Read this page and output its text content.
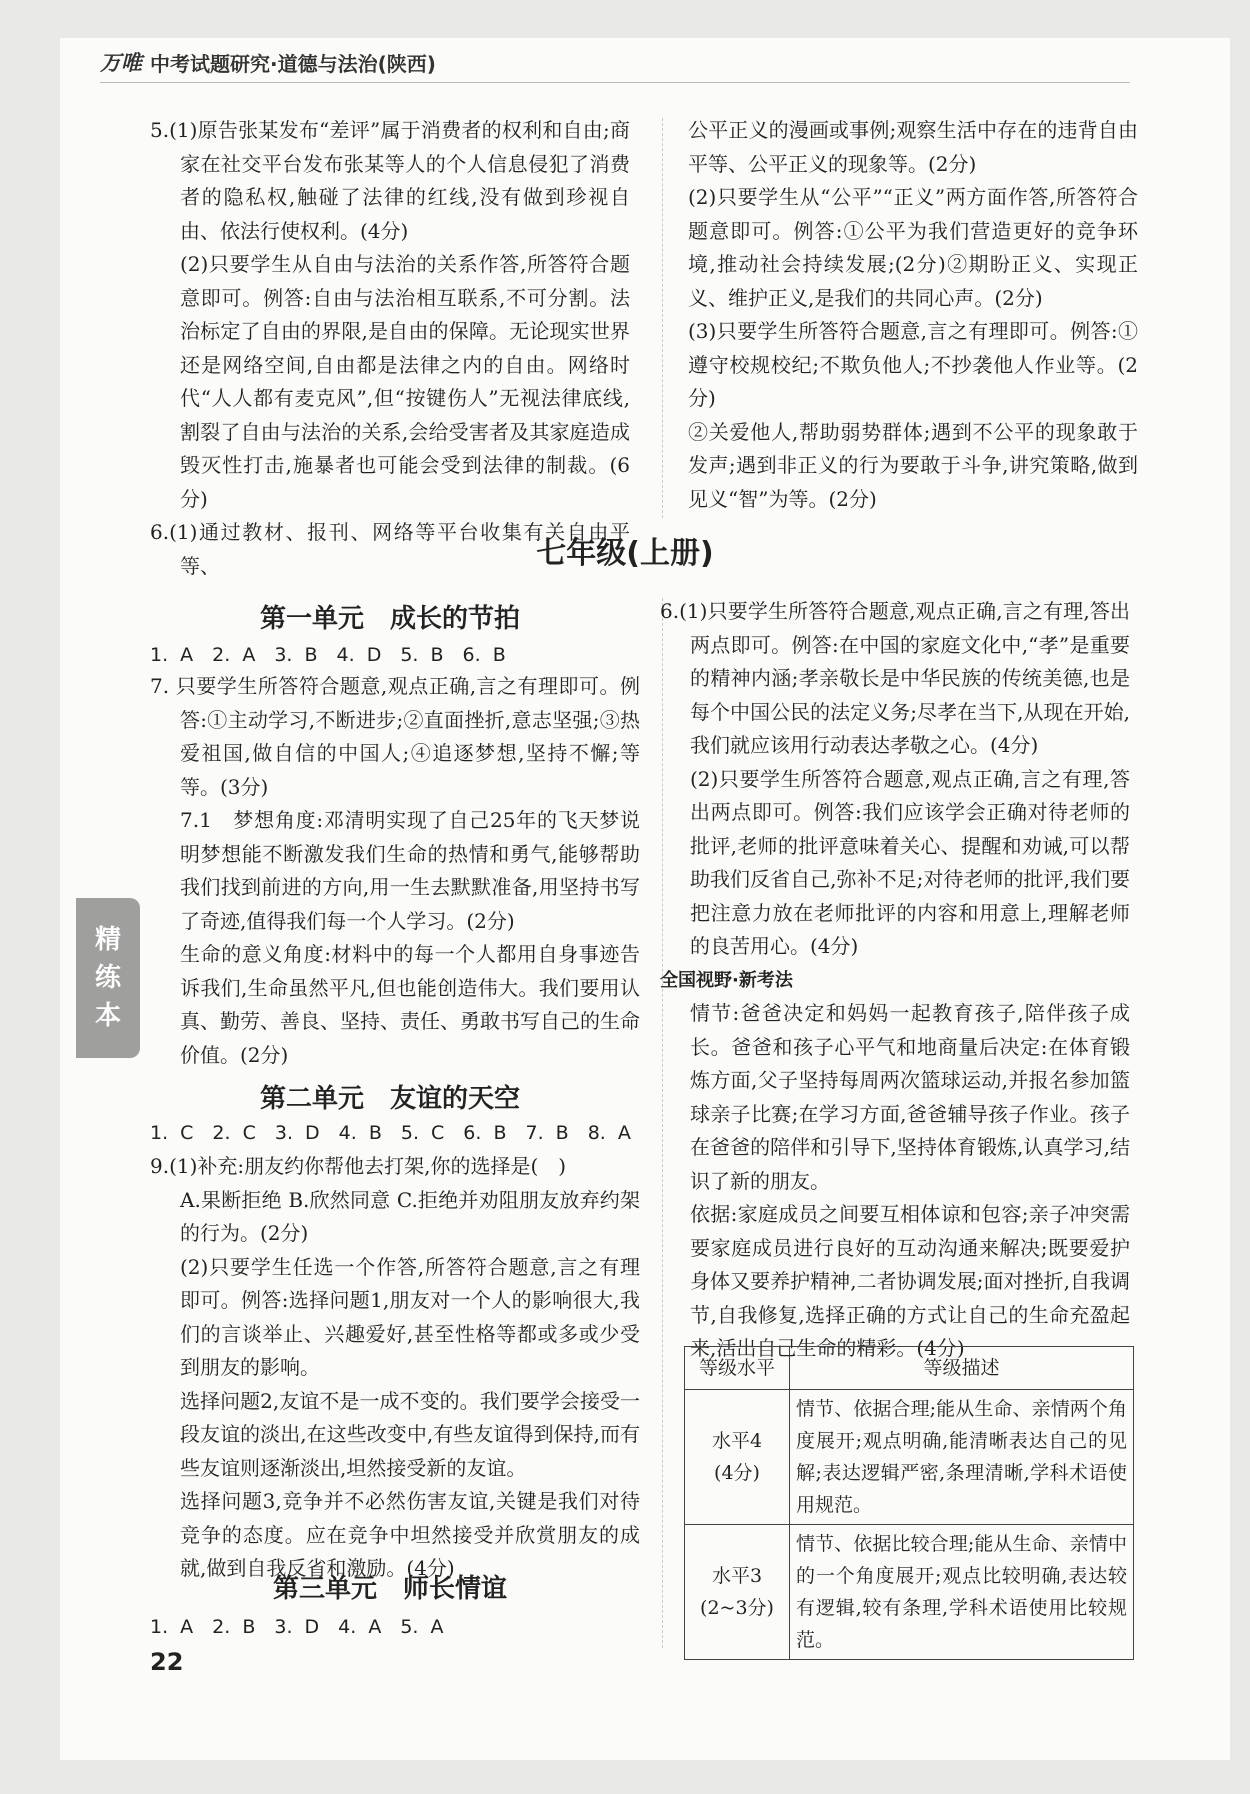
万唯 中考试题研究·道德与法治(陕西)

5.(1)原告张某发布“差评”属于消费者的权利和自由;商家在社交平台发布张某等人的个人信息侵犯了消费者的隐私权,触碰了法律的红线,没有做到珍视自由、依法行使权利。(4分)

(2)只要学生从自由与法治的关系作答,所答符合题意即可。例答:自由与法治相互联系,不可分割。法治标定了自由的界限,是自由的保障。无论现实世界还是网络空间,自由都是法律之内的自由。网络时代“人人都有麦克风”,但“按键伤人”无视法律底线,割裂了自由与法治的关系,会给受害者及其家庭造成毁灭性打击,施暴者也可能会受到法律的制裁。(6分)

6.(1)通过教材、报刊、网络等平台收集有关自由平等、

公平正义的漫画或事例;观察生活中存在的违背自由平等、公平正义的现象等。(2分)

(2)只要学生从“公平”“正义”两方面作答,所答符合题意即可。例答:①公平为我们营造更好的竞争环境,推动社会持续发展;(2分)②期盼正义、实现正义、维护正义,是我们的共同心声。(2分)

(3)只要学生所答符合题意,言之有理即可。例答:①遵守校规校纪;不欺负他人;不抄袭他人作业等。(2分)

②关爱他人,帮助弱势群体;遇到不公平的现象敢于发声;遇到非正义的行为要敢于斗争,讲究策略,做到见义“智”为等。(2分)

七年级(上册)
第一单元　成长的节拍
1. A　2. A　3. B　4. D　5. B　6. B

7. 只要学生所答符合题意,观点正确,言之有理即可。例答:①主动学习,不断进步;②直面挫折,意志坚强;③热爱祖国,做自信的中国人;④追逐梦想,坚持不懈;等等。(3分)

7.1　梦想角度:邓清明实现了自己25年的飞天梦说明梦想能不断激发我们生命的热情和勇气,能够帮助我们找到前进的方向,用一生去默默准备,用坚持书写了奇迹,值得我们每一个人学习。(2分)

生命的意义角度:材料中的每一个人都用自身事迹告诉我们,生命虽然平凡,但也能创造伟大。我们要用认真、勤劳、善良、坚持、责任、勇敢书写自己的生命价值。(2分)

第二单元　友谊的天空
1. C　2. C　3. D　4. B　5. C　6. B　7. B　8. A

9.(1)补充:朋友约你帮他去打架,你的选择是(　)

A.果断拒绝 B.欣然同意 C.拒绝并劝阻朋友放弃约架的行为。(2分)

(2)只要学生任选一个作答,所答符合题意,言之有理即可。例答:选择问题1,朋友对一个人的影响很大,我们的言谈举止、兴趣爱好,甚至性格等都或多或少受到朋友的影响。

选择问题2,友谊不是一成不变的。我们要学会接受一段友谊的淡出,在这些改变中,有些友谊得到保持,而有些友谊则逐渐淡出,坦然接受新的友谊。

选择问题3,竞争并不必然伤害友谊,关键是我们对待竞争的态度。应在竞争中坦然接受并欣赏朋友的成就,做到自我反省和激励。(4分)

第三单元　师长情谊
1. A　2. B　3. D　4. A　5. A

6.(1)只要学生所答符合题意,观点正确,言之有理,答出两点即可。例答:在中国的家庭文化中,“孝”是重要的精神内涵;孝亲敬长是中华民族的传统美德,也是每个中国公民的法定义务;尽孝在当下,从现在开始,我们就应该用行动表达孝敬之心。(4分)

(2)只要学生所答符合题意,观点正确,言之有理,答出两点即可。例答:我们应该学会正确对待老师的批评,老师的批评意味着关心、提醒和劝诫,可以帮助我们反省自己,弥补不足;对待老师的批评,我们要把注意力放在老师批评的内容和用意上,理解老师的良苦用心。(4分)

全国视野·新考法

情节:爸爸决定和妈妈一起教育孩子,陪伴孩子成长。爸爸和孩子心平气和地商量后决定:在体育锻炼方面,父子坚持每周两次篮球运动,并报名参加篮球亲子比赛;在学习方面,爸爸辅导孩子作业。孩子在爸爸的陪伴和引导下,坚持体育锻炼,认真学习,结识了新的朋友。

依据:家庭成员之间要互相体谅和包容;亲子冲突需要家庭成员进行良好的互动沟通来解决;既要爱护身体又要养护精神,二者协调发展;面对挫折,自我调节,自我修复,选择正确的方式让自己的生命充盈起来,活出自己生命的精彩。(4分)

等级水平	等级描述

水平4
(4分)	情节、依据合理;能从生命、亲情两个角度展开;观点明确,能清晰表达自己的见解;表达逻辑严密,条理清晰,学科术语使用规范。

水平3
(2~3分)	情节、依据比较合理;能从生命、亲情中的一个角度展开;观点比较明确,表达较有逻辑,较有条理,学科术语使用比较规范。
精
练
本
22
